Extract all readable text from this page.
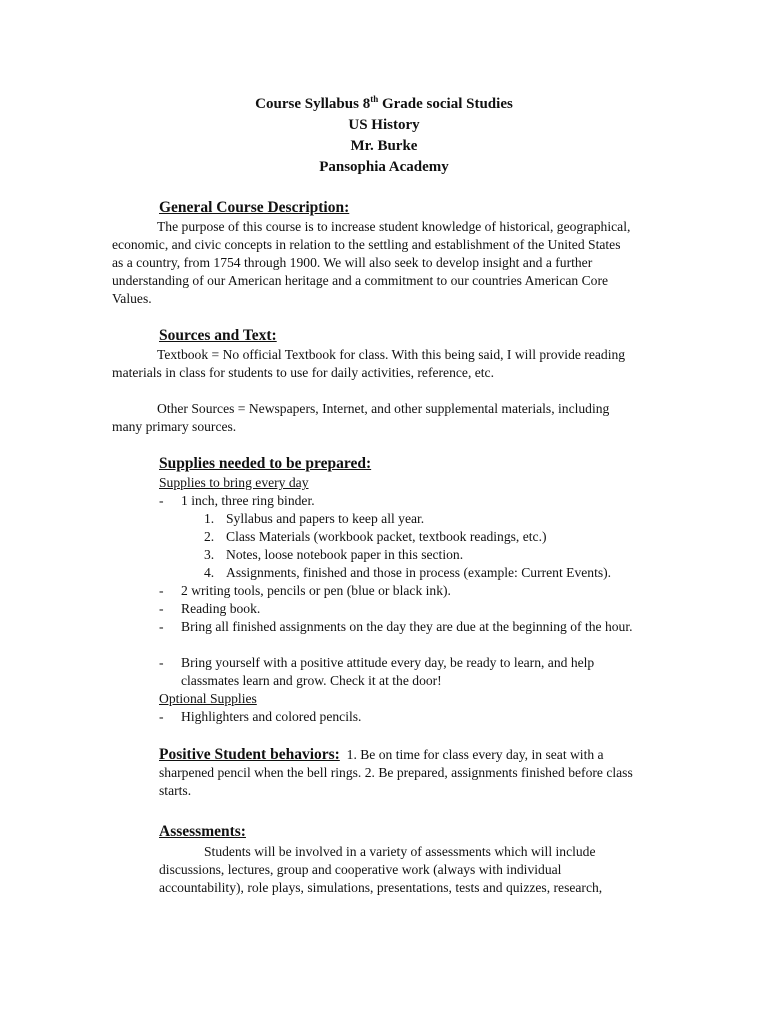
Course Syllabus 8th Grade social Studies
US History
Mr. Burke
Pansophia Academy
General Course Description:
The purpose of this course is to increase student knowledge of historical, geographical, economic, and civic concepts in relation to the settling and establishment of the United States as a country, from 1754 through 1900. We will also seek to develop insight and a further understanding of our American heritage and a commitment to our countries American Core Values.
Sources and Text:
Textbook = No official Textbook for class. With this being said, I will provide reading materials in class for students to use for daily activities, reference, etc.
Other Sources = Newspapers, Internet, and other supplemental materials, including many primary sources.
Supplies needed to be prepared:
Supplies to bring every day
- 1 inch, three ring binder.
1. Syllabus and papers to keep all year.
2. Class Materials (workbook packet, textbook readings, etc.)
3. Notes, loose notebook paper in this section.
4. Assignments, finished and those in process (example: Current Events).
- 2 writing tools, pencils or pen (blue or black ink).
- Reading book.
- Bring all finished assignments on the day they are due at the beginning of the hour.
- Bring yourself with a positive attitude every day, be ready to learn, and help classmates learn and grow. Check it at the door!
Optional Supplies
- Highlighters and colored pencils.
Positive Student behaviors: 1. Be on time for class every day, in seat with a sharpened pencil when the bell rings. 2. Be prepared, assignments finished before class starts.
Assessments:
Students will be involved in a variety of assessments which will include discussions, lectures, group and cooperative work (always with individual accountability), role plays, simulations, presentations, tests and quizzes, research,
